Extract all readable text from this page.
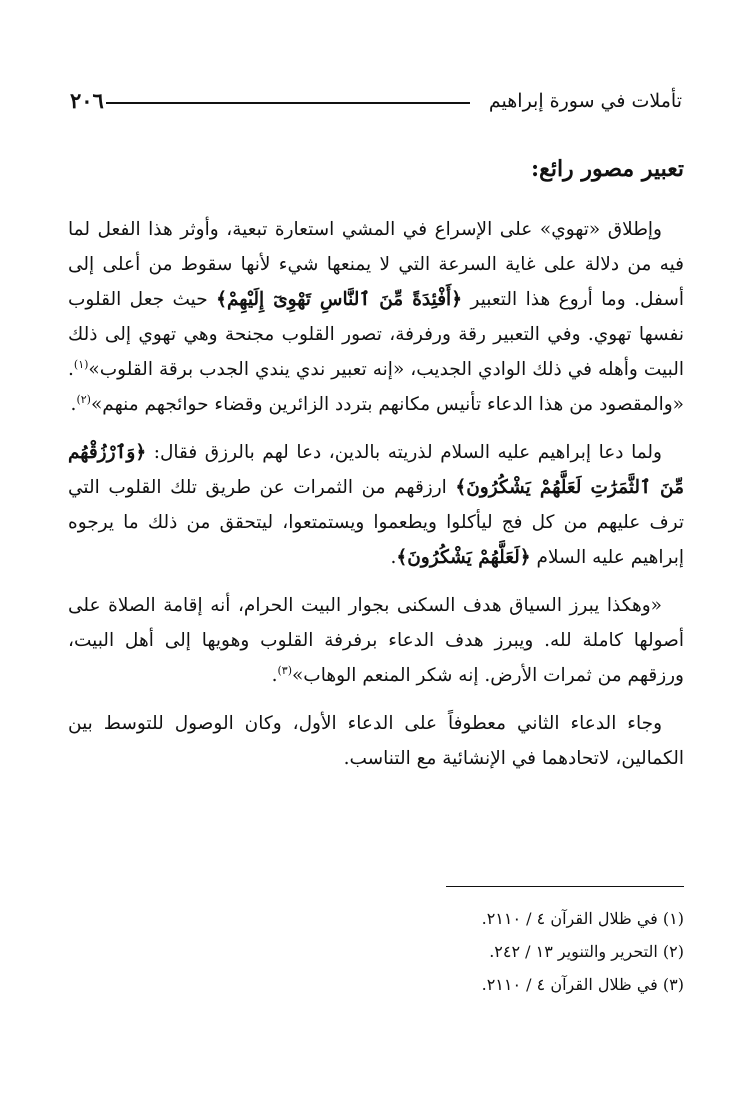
تأملات في سورة إبراهيم
٢٠٦
تعبير مصور رائع:

وإطلاق «تهوي» على الإسراع في المشي استعارة تبعية، وأوثر هذا الفعل لما فيه من دلالة على غاية السرعة التي لا يمنعها شيء لأنها سقوط من أعلى إلى أسفل. وما أروع هذا التعبير ﴿أَفْئِدَةً مِّنَ ٱلنَّاسِ تَهْوِىٓ إِلَيْهِمْ﴾ حيث جعل القلوب نفسها تهوي. وفي التعبير رقة ورفرفة، تصور القلوب مجنحة وهي تهوي إلى ذلك البيت وأهله في ذلك الوادي الجديب، «إنه تعبير ندي يندي الجدب برقة القلوب»$^{(١)}$. «والمقصود من هذا الدعاء تأنيس مكانهم بتردد الزائرين وقضاء حوائجهم منهم»$^{(٢)}$.

ولما دعا إبراهيم عليه السلام لذريته بالدين، دعا لهم بالرزق فقال: ﴿وَٱرْزُقْهُم مِّنَ ٱلثَّمَرَٰتِ لَعَلَّهُمْ يَشْكُرُونَ﴾ ارزقهم من الثمرات عن طريق تلك القلوب التي ترف عليهم من كل فج ليأكلوا ويطعموا ويستمتعوا، ليتحقق من ذلك ما يرجوه إبراهيم عليه السلام ﴿لَعَلَّهُمْ يَشْكُرُونَ﴾.

«وهكذا يبرز السياق هدف السكنى بجوار البيت الحرام، أنه إقامة الصلاة على أصولها كاملة لله. ويبرز هدف الدعاء برفرفة القلوب وهويها إلى أهل البيت، ورزقهم من ثمرات الأرض. إنه شكر المنعم الوهاب»$^{(٣)}$.

وجاء الدعاء الثاني معطوفاً على الدعاء الأول، وكان الوصول للتوسط بين الكمالين، لاتحادهما في الإنشائية مع التناسب.

(١) في ظلال القرآن ٤ / ٢١١٠.
(٢) التحرير والتنوير ١٣ / ٢٤٢.
(٣) في ظلال القرآن ٤ / ٢١١٠.
